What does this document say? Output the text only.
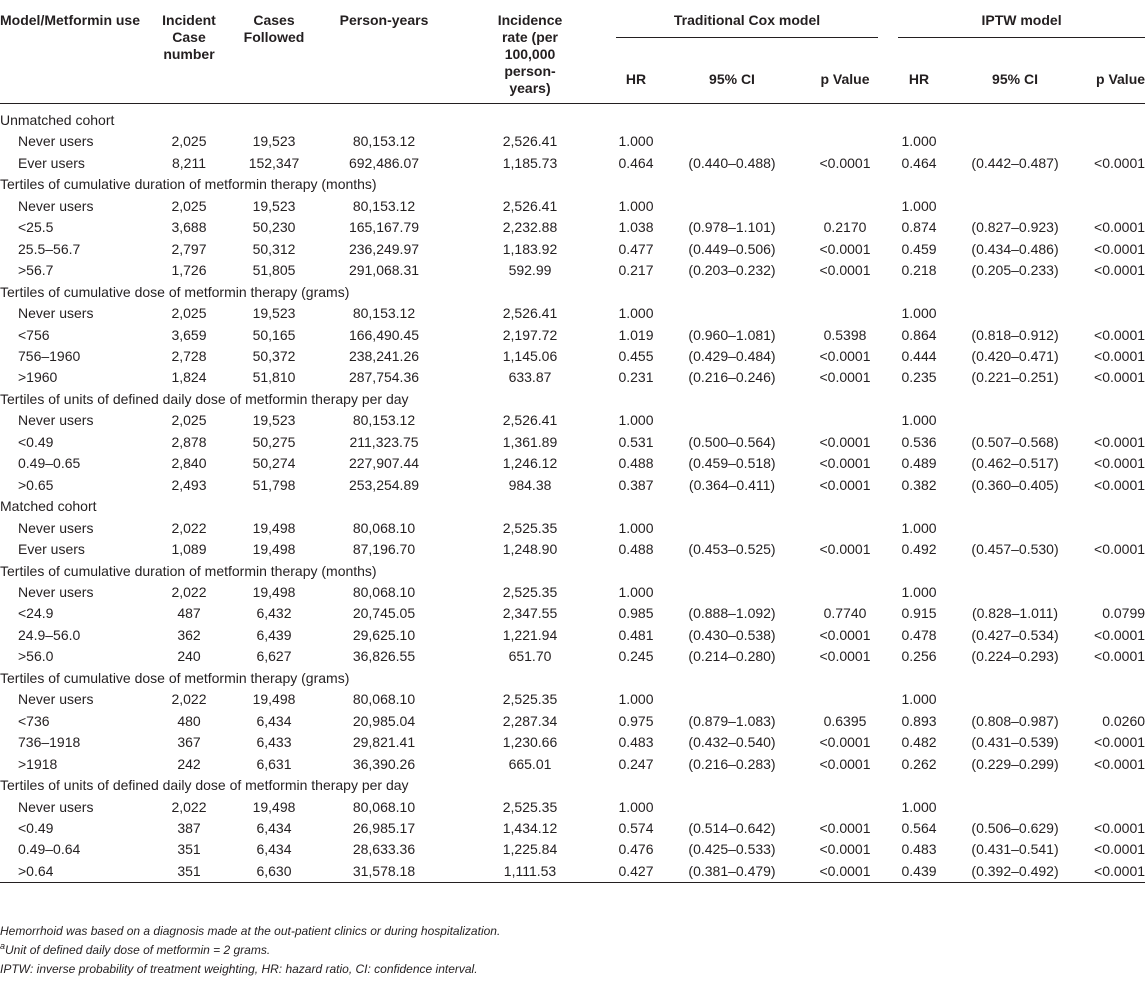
Model/Metformin use	Incident Case number	Cases Followed	Person-years	Incidence rate (per 100,000 person-years)	Traditional Cox model			IPTW model		

					HR	95% CI	p Value	HR	95% CI	p Value

Unmatched cohort										
Never users	2,025	19,523	80,153.12	2,526.41	1.000			1.000		
Ever users	8,211	152,347	692,486.07	1,185.73	0.464	(0.440–0.488)	<0.0001	0.464	(0.442–0.487)	<0.0001
Tertiles of cumulative duration of metformin therapy (months)										
Never users	2,025	19,523	80,153.12	2,526.41	1.000			1.000		
<25.5	3,688	50,230	165,167.79	2,232.88	1.038	(0.978–1.101)	0.2170	0.874	(0.827–0.923)	<0.0001
25.5–56.7	2,797	50,312	236,249.97	1,183.92	0.477	(0.449–0.506)	<0.0001	0.459	(0.434–0.486)	<0.0001
>56.7	1,726	51,805	291,068.31	592.99	0.217	(0.203–0.232)	<0.0001	0.218	(0.205–0.233)	<0.0001
Tertiles of cumulative dose of metformin therapy (grams)										
Never users	2,025	19,523	80,153.12	2,526.41	1.000			1.000		
<756	3,659	50,165	166,490.45	2,197.72	1.019	(0.960–1.081)	0.5398	0.864	(0.818–0.912)	<0.0001
756–1960	2,728	50,372	238,241.26	1,145.06	0.455	(0.429–0.484)	<0.0001	0.444	(0.420–0.471)	<0.0001
>1960	1,824	51,810	287,754.36	633.87	0.231	(0.216–0.246)	<0.0001	0.235	(0.221–0.251)	<0.0001
Tertiles of units of defined daily dose of metformin therapy per day										
Never users	2,025	19,523	80,153.12	2,526.41	1.000			1.000		
<0.49	2,878	50,275	211,323.75	1,361.89	0.531	(0.500–0.564)	<0.0001	0.536	(0.507–0.568)	<0.0001
0.49–0.65	2,840	50,274	227,907.44	1,246.12	0.488	(0.459–0.518)	<0.0001	0.489	(0.462–0.517)	<0.0001
>0.65	2,493	51,798	253,254.89	984.38	0.387	(0.364–0.411)	<0.0001	0.382	(0.360–0.405)	<0.0001
Matched cohort										
Never users	2,022	19,498	80,068.10	2,525.35	1.000			1.000		
Ever users	1,089	19,498	87,196.70	1,248.90	0.488	(0.453–0.525)	<0.0001	0.492	(0.457–0.530)	<0.0001
Tertiles of cumulative duration of metformin therapy (months)										
Never users	2,022	19,498	80,068.10	2,525.35	1.000			1.000		
<24.9	487	6,432	20,745.05	2,347.55	0.985	(0.888–1.092)	0.7740	0.915	(0.828–1.011)	0.0799
24.9–56.0	362	6,439	29,625.10	1,221.94	0.481	(0.430–0.538)	<0.0001	0.478	(0.427–0.534)	<0.0001
>56.0	240	6,627	36,826.55	651.70	0.245	(0.214–0.280)	<0.0001	0.256	(0.224–0.293)	<0.0001
Tertiles of cumulative dose of metformin therapy (grams)										
Never users	2,022	19,498	80,068.10	2,525.35	1.000			1.000		
<736	480	6,434	20,985.04	2,287.34	0.975	(0.879–1.083)	0.6395	0.893	(0.808–0.987)	0.0260
736–1918	367	6,433	29,821.41	1,230.66	0.483	(0.432–0.540)	<0.0001	0.482	(0.431–0.539)	<0.0001
>1918	242	6,631	36,390.26	665.01	0.247	(0.216–0.283)	<0.0001	0.262	(0.229–0.299)	<0.0001
Tertiles of units of defined daily dose of metformin therapy per day										
Never users	2,022	19,498	80,068.10	2,525.35	1.000			1.000		
<0.49	387	6,434	26,985.17	1,434.12	0.574	(0.514–0.642)	<0.0001	0.564	(0.506–0.629)	<0.0001
0.49–0.64	351	6,434	28,633.36	1,225.84	0.476	(0.425–0.533)	<0.0001	0.483	(0.431–0.541)	<0.0001
>0.64	351	6,630	31,578.18	1,111.53	0.427	(0.381–0.479)	<0.0001	0.439	(0.392–0.492)	<0.0001
Hemorrhoid was based on a diagnosis made at the out-patient clinics or during hospitalization.
$^a$Unit of defined daily dose of metformin = 2 grams.
IPTW: inverse probability of treatment weighting, HR: hazard ratio, CI: confidence interval.
